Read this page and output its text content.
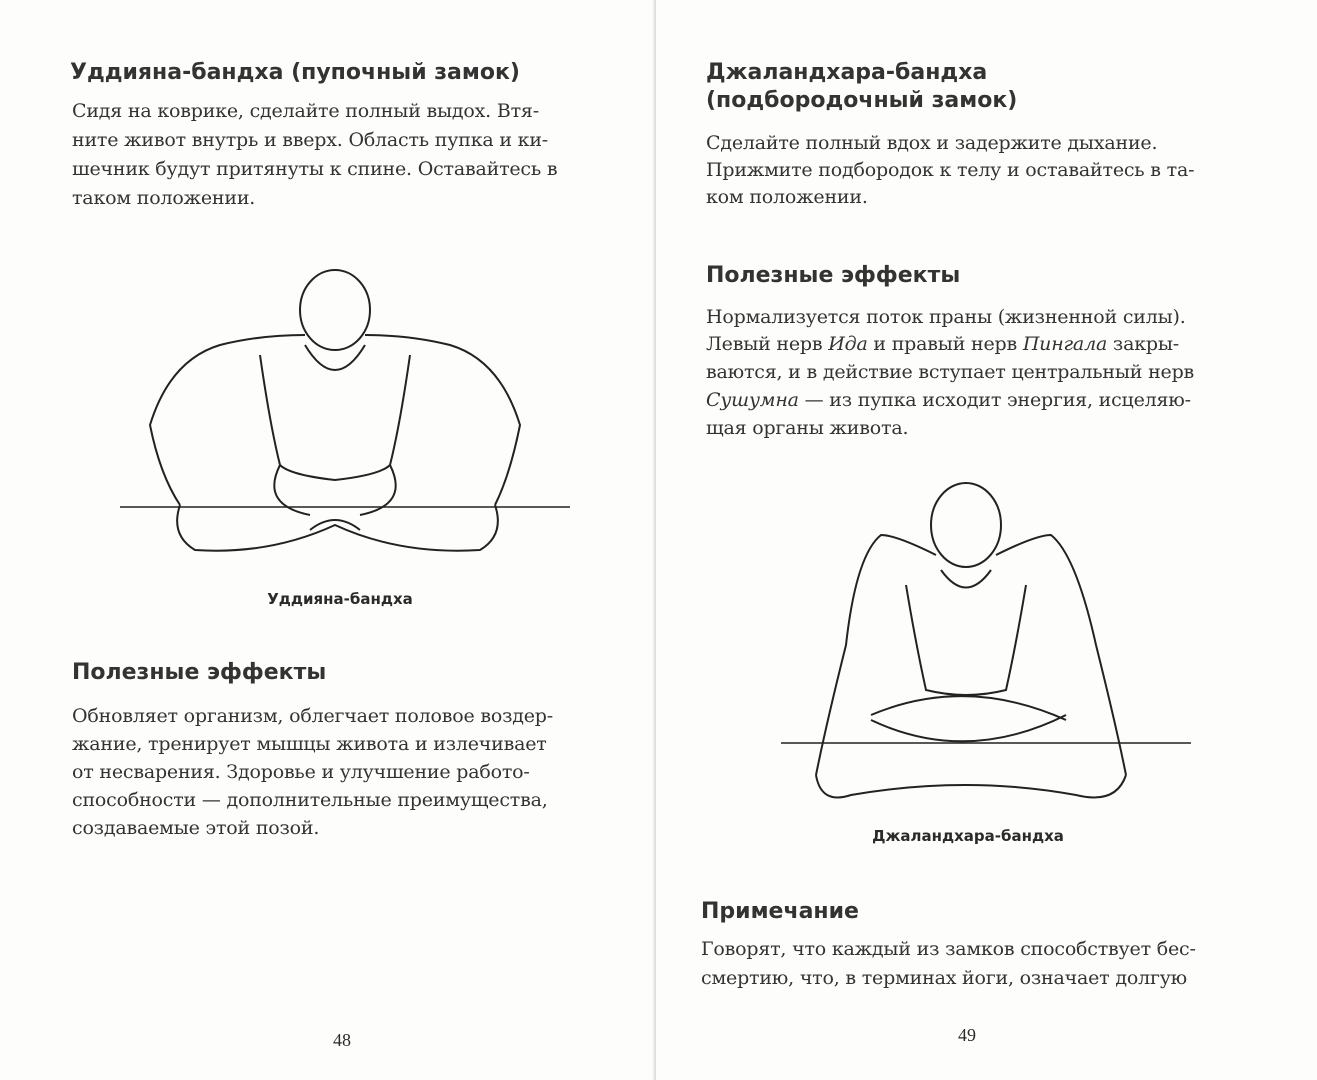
Уддияна-бандха (пупочный замок)
Сидя на коврике, сделайте полный выдох. Втя-
ните живот внутрь и вверх. Область пупка и ки-
шечник будут притянуты к спине. Оставайтесь в
таком положении.
Уддияна-бандха
Полезные эффекты
Обновляет организм, облегчает половое воздер-
жание, тренирует мышцы живота и излечивает
от несварения. Здоровье и улучшение работо-
способности — дополнительные преимущества,
создаваемые этой позой.
48
Джаландхара-бандха
(подбородочный замок)
Сделайте полный вдох и задержите дыхание.
Прижмите подбородок к телу и оставайтесь в та-
ком положении.
Полезные эффекты
Нормализуется поток праны (жизненной силы).
Левый нерв Ида и правый нерв Пингала закры-
ваются, и в действие вступает центральный нерв
Сушумна — из пупка исходит энергия, исцеляю-
щая органы живота.
Джаландхара-бандха
Примечание
Говорят, что каждый из замков способствует бес-
смертию, что, в терминах йоги, означает долгую
49
